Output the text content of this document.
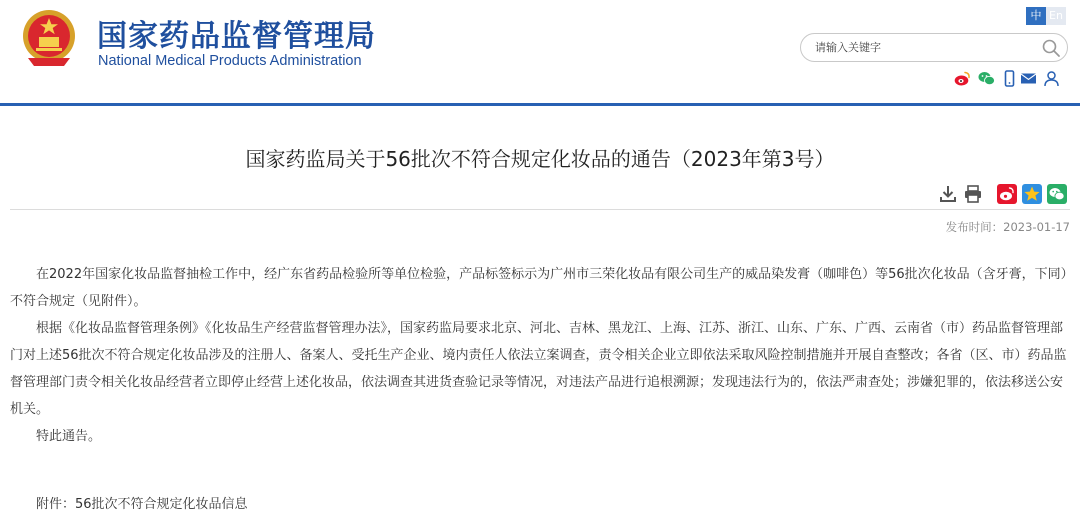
国家药品监督管理局
National Medical Products Administration
中 En
请输入关键字
国家药监局关于56批次不符合规定化妆品的通告（2023年第3号）
发布时间：2023-01-17

在2022年国家化妆品监督抽检工作中，经广东省药品检验所等单位检验，产品标签标示为广州市三荣化妆品有限公司生产的威品染发膏（咖啡色）等56批次化妆品（含牙膏，下同）不符合规定（见附件）。

根据《化妆品监督管理条例》《化妆品生产经营监督管理办法》，国家药监局要求北京、河北、吉林、黑龙江、上海、江苏、浙江、山东、广东、广西、云南省（市）药品监督管理部门对上述56批次不符合规定化妆品涉及的注册人、备案人、受托生产企业、境内责任人依法立案调查，责令相关企业立即依法采取风险控制措施并开展自查整改；各省（区、市）药品监督管理部门责令相关化妆品经营者立即停止经营上述化妆品，依法调查其进货查验记录等情况，对违法产品进行追根溯源；发现违法行为的，依法严肃查处；涉嫌犯罪的，依法移送公安机关。

特此通告。

附件：56批次不符合规定化妆品信息
